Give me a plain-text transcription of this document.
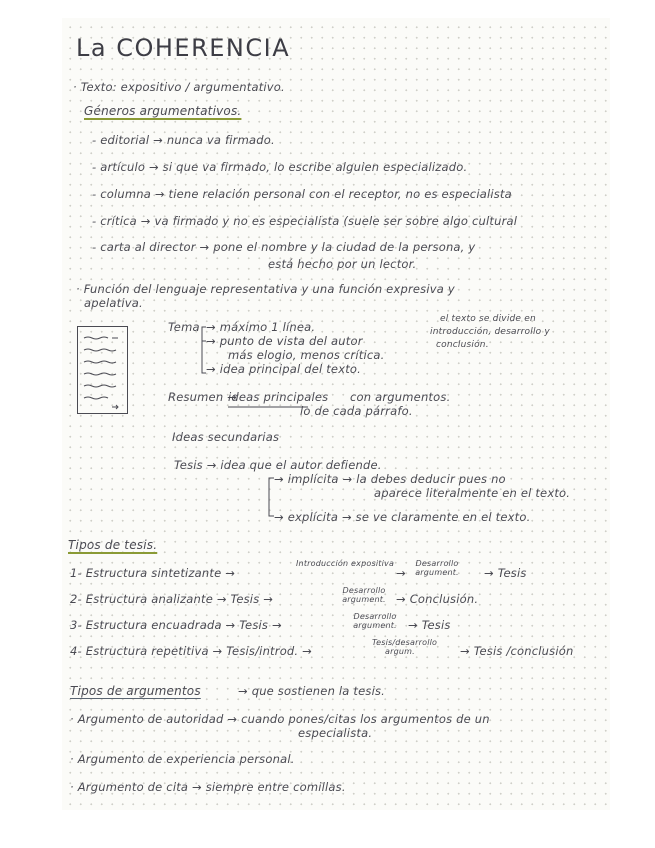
La COHERENCIA
· Texto: expositivo / argumentativo.
Géneros argumentativos.
- editorial → nunca va firmado.
- artículo → si que va firmado, lo escribe alguien especializado.
- columna → tiene relación personal con el receptor, no es especialista
- crítica → va firmado y no es especialista (suele ser sobre algo cultural
- carta al director → pone el nombre y la ciudad de la persona, y
está hecho por un lector.
· Función del lenguaje representativa y una función expresiva y
apelativa.
el texto se divide en
introducción, desarrollo y
conclusión.
Tema → máximo 1 línea.
→ punto de vista del autor
más elogio, menos crítica.
→ idea principal del texto.
Resumen →
ideas principales con argumentos.
lo de cada párrafo.
Ideas secundarias
Tesis → idea que el autor defiende.
→ implícita → la debes deducir pues no
aparece literalmente en el texto.
→ explícita → se ve claramente en el texto.
Tipos de tesis.
1- Estructura sintetizante →
Introducción expositiva
→
Desarrollo argument. → Tesis
2- Estructura analizante → Tesis →
Desarrollo argument. → Conclusión.
3- Estructura encuadrada → Tesis →
Desarrollo argument. → Tesis
4- Estructura repetitiva → Tesis/introd. →
Tesis/desarrollo argum.	→ Tesis /conclusión
Tipos de argumentos	→ que sostienen la tesis.
· Argumento de autoridad → cuando pones/citas los argumentos de un
especialista.
· Argumento de experiencia personal.
· Argumento de cita → siempre entre comillas.
